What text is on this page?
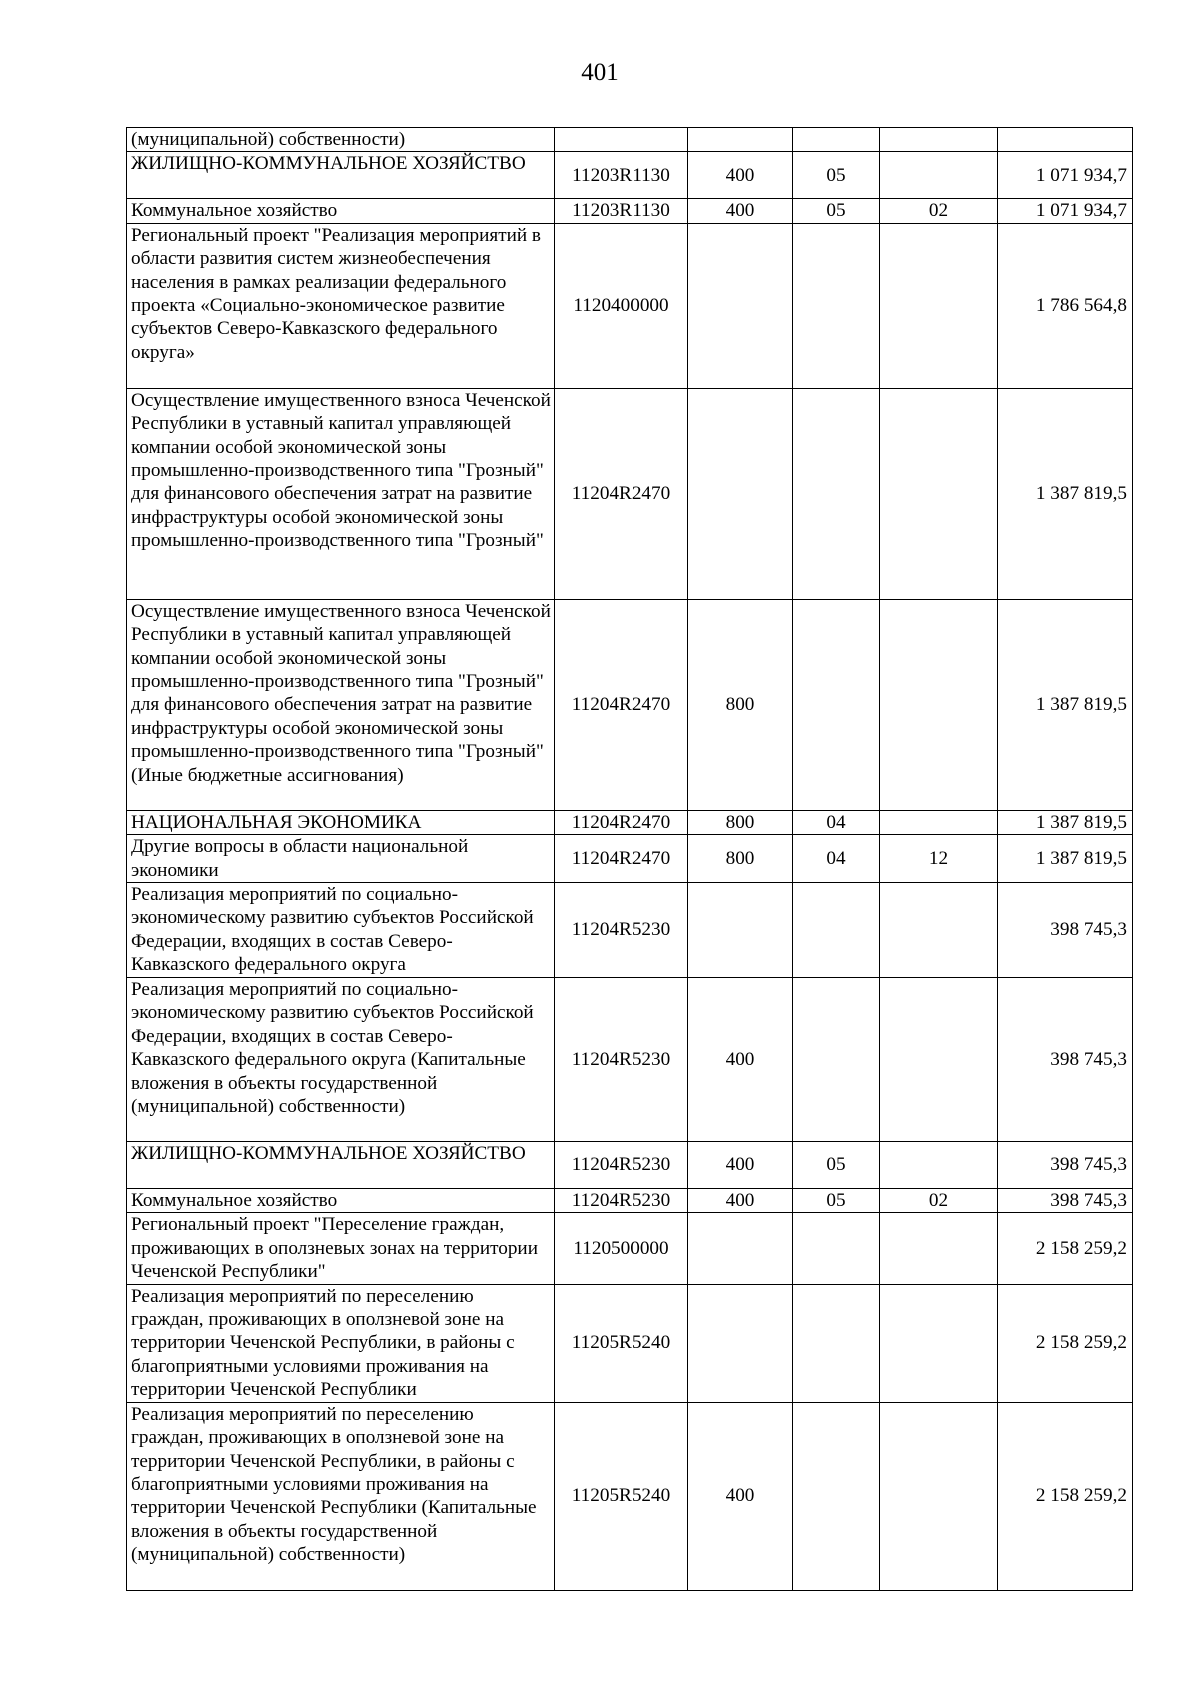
401
(муниципальной) собственности)					
ЖИЛИЩНО-КОММУНАЛЬНОЕ ХОЗЯЙСТВО	11203R1130	400	05		1 071 934,7
Коммунальное хозяйство	11203R1130	400	05	02	1 071 934,7
Региональный проект "Реализация мероприятий в области развития систем жизнеобеспечения населения в рамках реализации федерального проекта «Социально-экономическое развитие субъектов Северо-Кавказского федерального округа»	1120400000				1 786 564,8
Осуществление имущественного взноса Чеченской Республики в уставный капитал управляющей компании особой экономической зоны промышленно-производственного типа "Грозный" для финансового обеспечения затрат на развитие инфраструктуры особой экономической зоны промышленно-производственного типа "Грозный"	11204R2470				1 387 819,5
Осуществление имущественного взноса Чеченской Республики в уставный капитал управляющей компании особой экономической зоны промышленно-производственного типа "Грозный" для финансового обеспечения затрат на развитие инфраструктуры особой экономической зоны промышленно-производственного типа "Грозный" (Иные бюджетные ассигнования)	11204R2470	800			1 387 819,5
НАЦИОНАЛЬНАЯ ЭКОНОМИКА	11204R2470	800	04		1 387 819,5
Другие вопросы в области национальной экономики	11204R2470	800	04	12	1 387 819,5
Реализация мероприятий по социально-экономическому развитию субъектов Российской Федерации, входящих в состав Северо-Кавказского федерального округа	11204R5230				398 745,3
Реализация мероприятий по социально-экономическому развитию субъектов Российской Федерации, входящих в состав Северо-Кавказского федерального округа (Капитальные вложения в объекты государственной (муниципальной) собственности)	11204R5230	400			398 745,3
ЖИЛИЩНО-КОММУНАЛЬНОЕ ХОЗЯЙСТВО	11204R5230	400	05		398 745,3
Коммунальное хозяйство	11204R5230	400	05	02	398 745,3
Региональный проект "Переселение граждан, проживающих в оползневых зонах на территории Чеченской Республики"	1120500000				2 158 259,2
Реализация мероприятий по переселению граждан, проживающих в оползневой зоне на территории Чеченской Республики, в районы с благоприятными условиями проживания на территории Чеченской Республики	11205R5240				2 158 259,2
Реализация мероприятий по переселению граждан, проживающих в оползневой зоне на территории Чеченской Республики, в районы с благоприятными условиями проживания на территории Чеченской Республики (Капитальные вложения в объекты государственной (муниципальной) собственности)	11205R5240	400			2 158 259,2
